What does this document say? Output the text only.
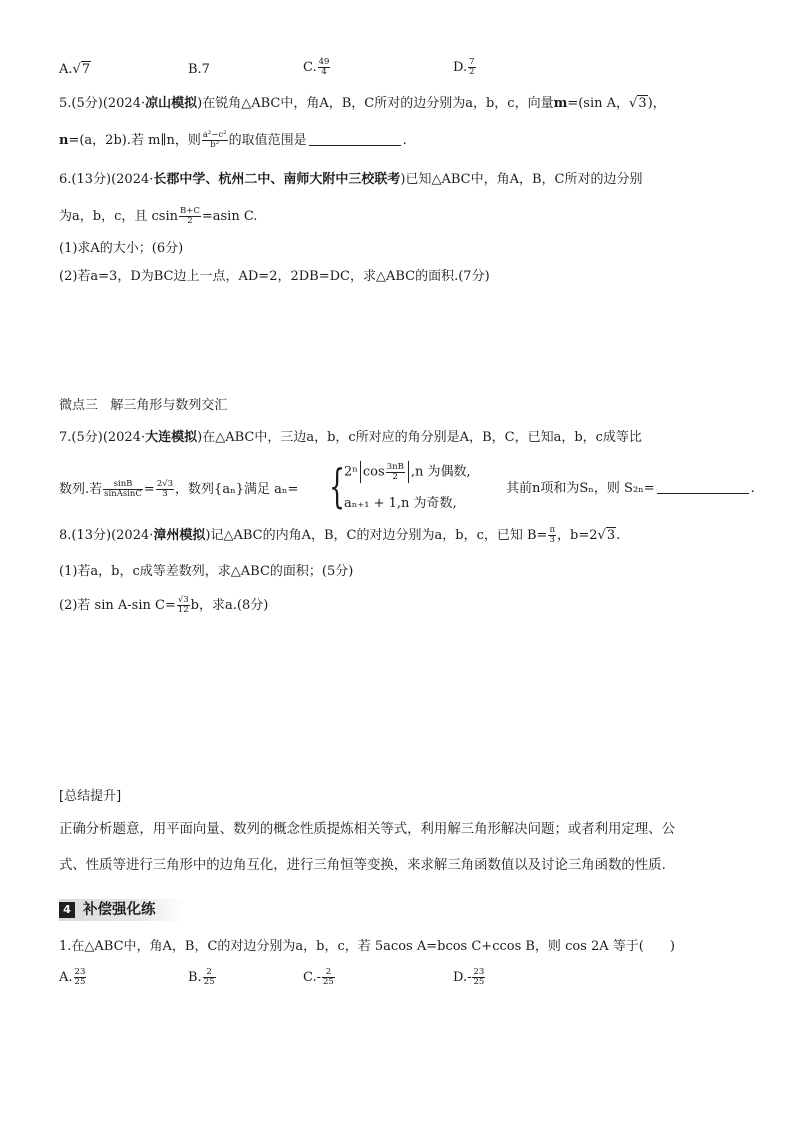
A.√7	B.7	C. $\frac{49}{4}$	D. $\frac{7}{2}$
5.(5分)(2024·凉山模拟)在锐角△ABC中，角A，B，C所对的边分别为a，b，c，向量m=(sin A，√3)，
n=(a，2b).若 m∥n，则 $\frac{\text{a²−c²}}{\text{b²}}$ 的取值范围是	.
6.(13分)(2024·长郡中学、杭州二中、南师大附中三校联考)已知△ABC中，角A，B，C所对的边分别
为a，b，c，且 csin $\frac{B+C}{2} =asin$ C.
(1)求A的大小；(6分)
(2)若a=3，D为BC边上一点，AD=2，2DB=DC，求△ABC的面积.(7分)
微点三 解三角形与数列交汇
7.(5分)(2024·大连模拟)在△ABC中，三边a，b，c所对应的角分别是A，B，C，已知a，b，c成等比
数列.若 $\frac{\sin B}{\text{sinAsinC}} = \frac{2√3}{3}$ ，数列{aₙ}满足 aₙ= {
2ⁿ $\cos \frac{3nB}{2} ,n$ 为偶数,
aₙ₊₁ + 1,n 为奇数,
其前n项和为Sₙ，则 S₂ₙ=	.
8.(13分)(2024·漳州模拟)记△ABC的内角A，B，C的对边分别为a，b，c，已知 $B= \frac{\pi}{3}$ ，b=2√3.
(1)若a，b，c成等差数列，求△ABC的面积；(5分)
(2)若 sin A-sin $C= \frac{√3}{12}$ b，求a.(8分)
[总结提升]
正确分析题意，用平面向量、数列的概念性质提炼相关等式，利用解三角形解决问题；或者利用定理、公
式、性质等进行三角形中的边角互化，进行三角恒等变换，来求解三角函数值以及讨论三角函数的性质.
4 补偿强化练
1.在△ABC中，角A，B，C的对边分别为a，b，c，若 5acos A=bcos C+ccos B，则 cos 2A 等于(　　)
A. $\frac{23}{25}$	B. $\frac{2}{25}$	$C.- \frac{2}{25}$	$D.- \frac{23}{25}$
